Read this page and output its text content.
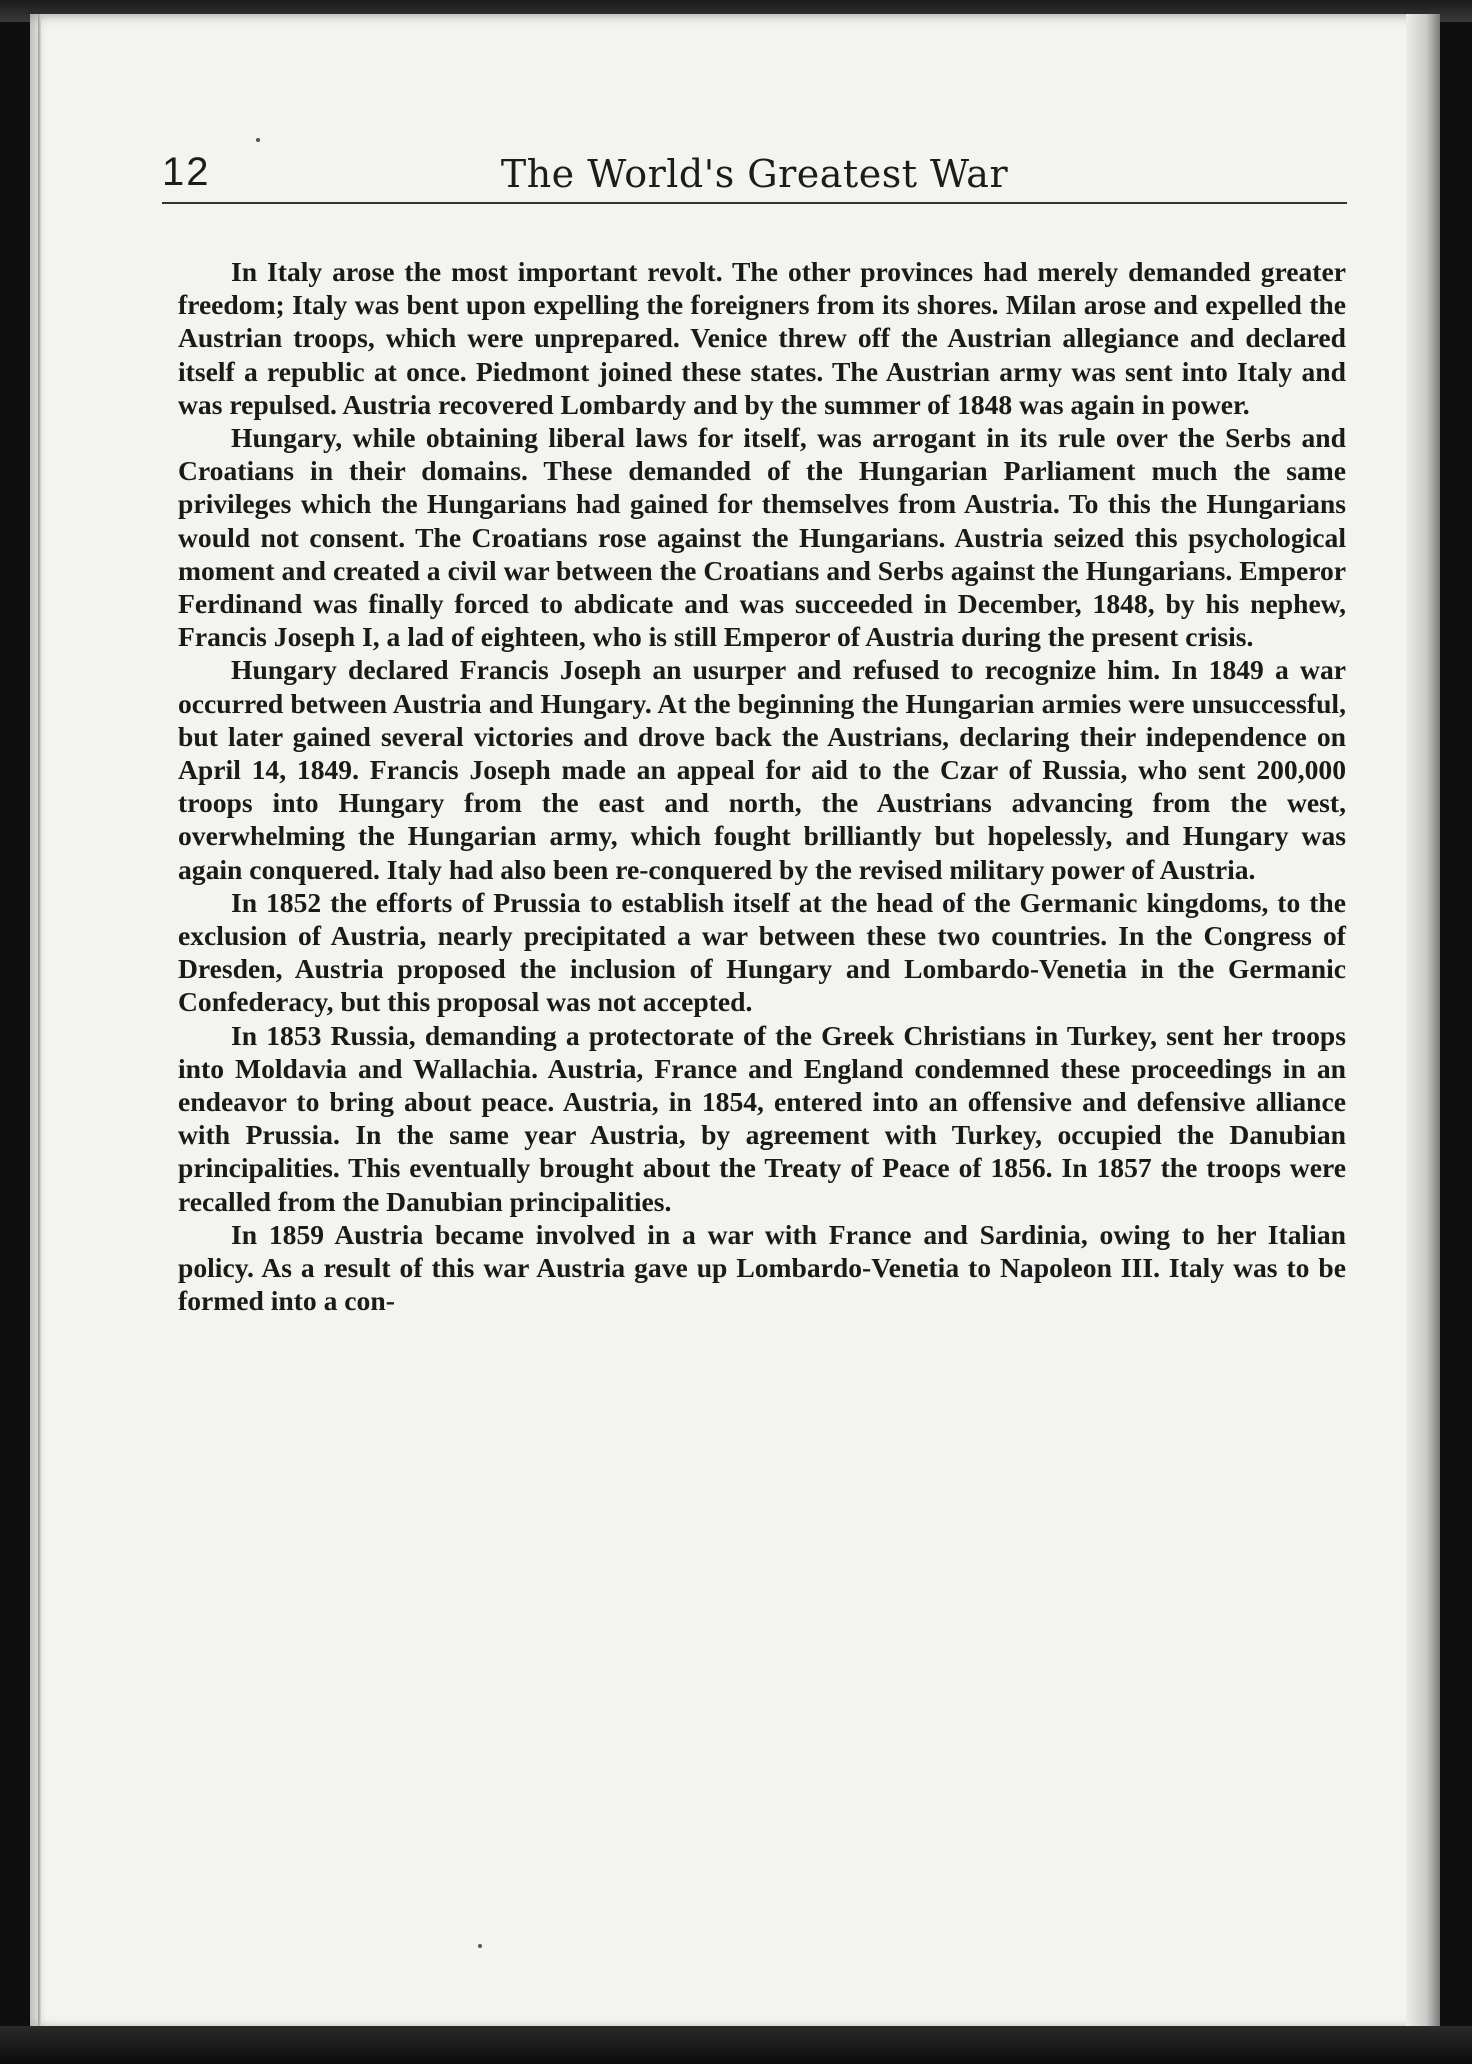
12	The World's Greatest War

In Italy arose the most important revolt. The other provinces had merely demanded greater freedom; Italy was bent upon expelling the foreigners from its shores. Milan arose and expelled the Austrian troops, which were unprepared. Venice threw off the Austrian allegiance and declared itself a republic at once. Piedmont joined these states. The Austrian army was sent into Italy and was repulsed. Austria recovered Lombardy and by the summer of 1848 was again in power.

Hungary, while obtaining liberal laws for itself, was arrogant in its rule over the Serbs and Croatians in their domains. These demanded of the Hungarian Parliament much the same privileges which the Hungarians had gained for themselves from Austria. To this the Hungarians would not consent. The Croatians rose against the Hungarians. Austria seized this psychological moment and created a civil war between the Croatians and Serbs against the Hungarians. Emperor Ferdinand was finally forced to abdicate and was succeeded in December, 1848, by his nephew, Francis Joseph I, a lad of eighteen, who is still Emperor of Austria during the present crisis.

Hungary declared Francis Joseph an usurper and refused to recognize him. In 1849 a war occurred between Austria and Hungary. At the beginning the Hungarian armies were unsuccessful, but later gained several victories and drove back the Austrians, declaring their independence on April 14, 1849. Francis Joseph made an appeal for aid to the Czar of Russia, who sent 200,000 troops into Hungary from the east and north, the Austrians advancing from the west, overwhelming the Hungarian army, which fought brilliantly but hopelessly, and Hungary was again conquered. Italy had also been re-conquered by the revised military power of Austria.

In 1852 the efforts of Prussia to establish itself at the head of the Germanic kingdoms, to the exclusion of Austria, nearly precipitated a war between these two countries. In the Congress of Dresden, Austria proposed the inclusion of Hungary and Lombardo-Venetia in the Germanic Confederacy, but this proposal was not accepted.

In 1853 Russia, demanding a protectorate of the Greek Christians in Turkey, sent her troops into Moldavia and Wallachia. Austria, France and England condemned these proceedings in an endeavor to bring about peace. Austria, in 1854, entered into an offensive and defensive alliance with Prussia. In the same year Austria, by agreement with Turkey, occupied the Danubian principalities. This eventually brought about the Treaty of Peace of 1856. In 1857 the troops were recalled from the Danubian principalities.

In 1859 Austria became involved in a war with France and Sardinia, owing to her Italian policy. As a result of this war Austria gave up Lombardo-Venetia to Napoleon III. Italy was to be formed into a con-
